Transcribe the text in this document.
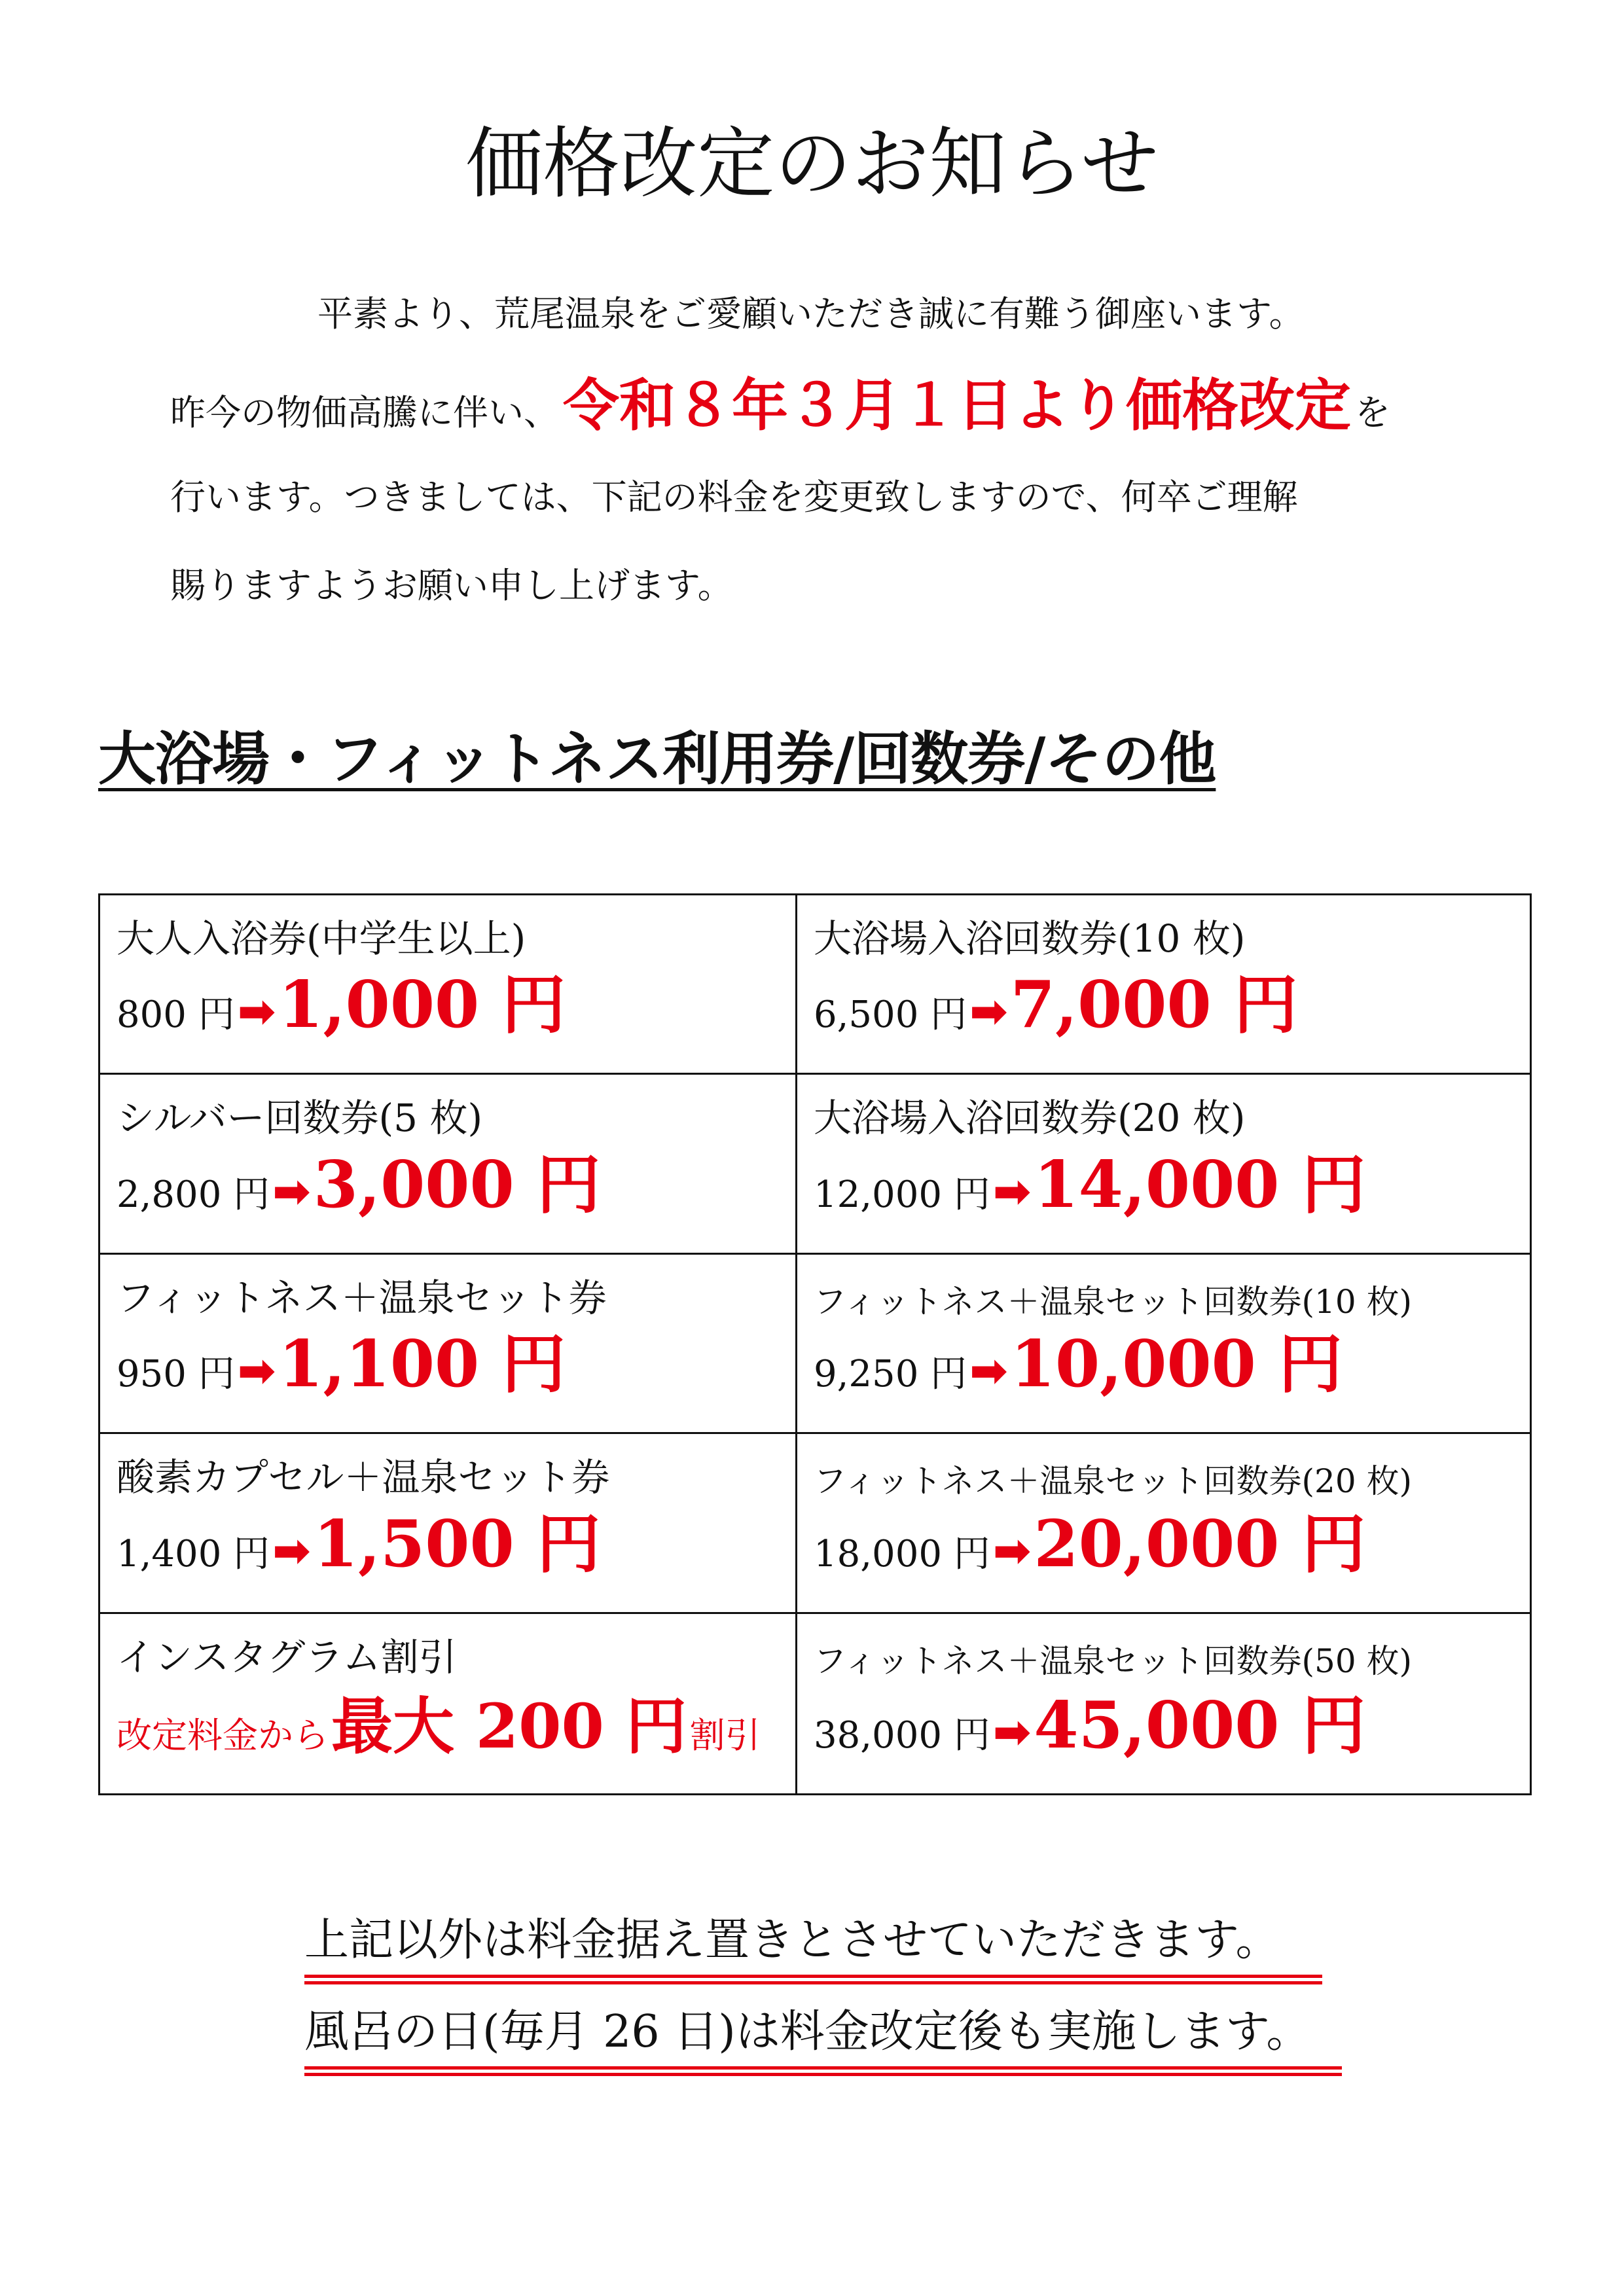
価格改定のお知らせ
平素より、荒尾温泉をご愛顧いただき誠に有難う御座います。
昨今の物価高騰に伴い、令和８年３月１日より価格改定 を
行います。つきましては、下記の料金を変更致しますので、何卒ご理解
賜りますようお願い申し上げます。
大浴場・フィットネス利用券/回数券/その他
大人入浴券(中学生以上)
800 円➡1,000 円
大浴場入浴回数券(10 枚)
6,500 円➡7,000 円
シルバー回数券(5 枚)
2,800 円➡3,000 円
大浴場入浴回数券(20 枚)
12,000 円➡14,000 円
フィットネス＋温泉セット券
950 円➡1,100 円
フィットネス＋温泉セット回数券(10 枚)
9,250 円➡10,000 円
酸素カプセル＋温泉セット券
1,400 円➡1,500 円
フィットネス＋温泉セット回数券(20 枚)
18,000 円➡20,000 円
インスタグラム割引
改定料金から最大 200 円割引
フィットネス＋温泉セット回数券(50 枚)
38,000 円➡45,000 円
上記以外は料金据え置きとさせていただきます。
風呂の日(毎月 26 日)は料金改定後も実施します。
